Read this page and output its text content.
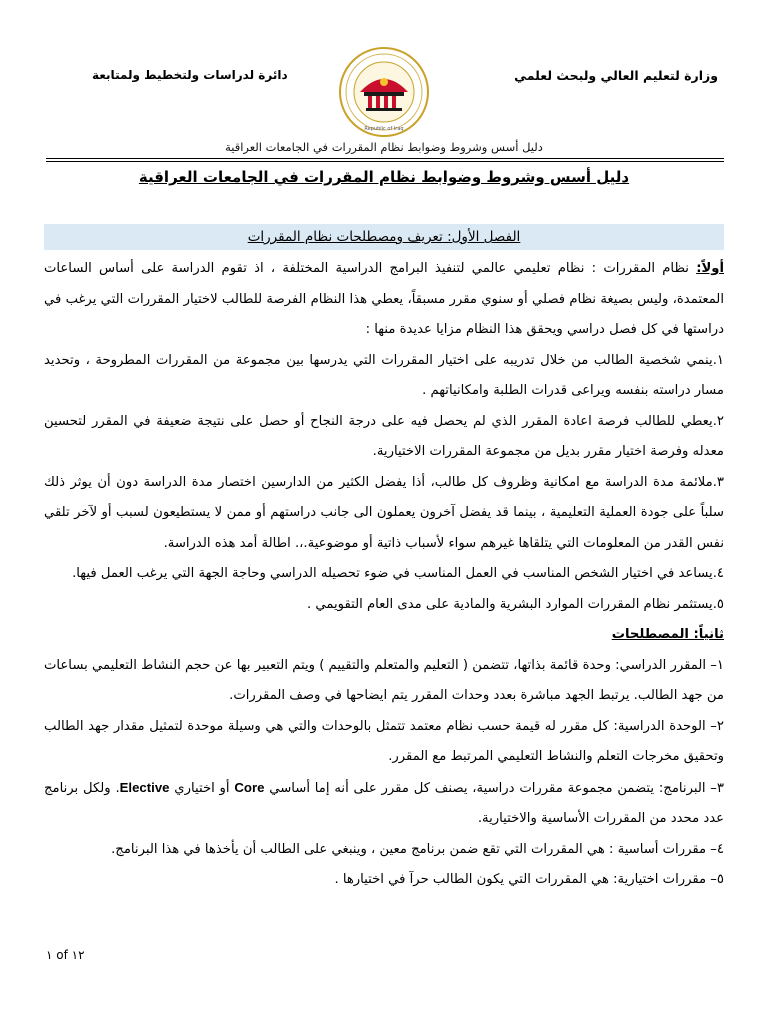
وزارة لتعليم العالي ولبحث لعلمي
دائرة لدراسات ولتخطيط ولمتابعة
Republic of Iraq
دليل أسس وشروط وضوابط نظام المقررات في الجامعات العراقية
دليل أسس وشروط وضوابط نظام المقررات في الجامعات العراقية
الفصل الأول: تعريف ومصطلحات نظام المقررات

أولاً: نظام المقررات : نظام تعليمي عالمي لتنفيذ البرامج الدراسية المختلفة ، اذ تقوم الدراسة على أساس الساعات المعتمدة، وليس بصيغة نظام فصلي أو سنوي مقرر مسبقاً، يعطي هذا النظام الفرصة للطالب لاختيار المقررات التي يرغب في دراستها في كل فصل دراسي ويحقق هذا النظام مزايا عديدة منها :

١.ينمي شخصية الطالب من خلال تدريبه على اختيار المقررات التي يدرسها بين مجموعة من المقررات المطروحة ، وتحديد مسار دراسته بنفسه ويراعى قدرات الطلبة وامكانياتهم .

٢.يعطي للطالب فرصة اعادة المقرر الذي لم يحصل فيه على درجة النجاح أو حصل على نتيجة ضعيفة في المقرر لتحسين معدله وفرصة اختيار مقرر بديل من مجموعة المقررات الاختيارية.

٣.ملائمة مدة الدراسة مع امكانية وظروف كل طالب، أذا يفضل الكثير من الدارسين اختصار مدة الدراسة دون أن يوثر ذلك سلباً على جودة العملية التعليمية ، بينما قد يفضل آخرون يعملون الى جانب دراستهم أو ممن لا يستطيعون لسبب أو لآخر تلقي نفس القدر من المعلومات التي يتلقاها غيرهم سواء لأسباب ذاتية أو موضوعية.،. اطالة أمد هذه الدراسة.

٤.يساعد في اختيار الشخص المناسب في العمل المناسب في ضوء تحصيله الدراسي وحاجة الجهة التي يرغب العمل فيها.

٥.يستثمر نظام المقررات الموارد البشرية والمادية على مدى العام التقويمي .

ثانياً: المصطلحات

١– المقرر الدراسي: وحدة قائمة بذاتها، تتضمن ( التعليم والمتعلم والتقييم ) ويتم التعبير بها عن حجم النشاط التعليمي بساعات من جهد الطالب. يرتبط الجهد مباشرة بعدد وحدات المقرر يتم ايضاحها في وصف المقررات.

٢– الوحدة الدراسية: كل مقرر له قيمة حسب نظام معتمد تتمثل بالوحدات والتي هي وسيلة موحدة لتمثيل مقدار جهد الطالب وتحقيق مخرجات التعلم والنشاط التعليمي المرتبط مع المقرر.

٣– البرنامج: يتضمن مجموعة مقررات دراسية، يصنف كل مقرر على أنه إما أساسي Core أو اختياري Elective. ولكل برنامج عدد محدد من المقررات الأساسية والاختيارية.

٤– مقررات أساسية : هي المقررات التي تقع ضمن برنامج معين ، وينبغي على الطالب أن يأخذها في هذا البرنامج.

٥– مقررات اختيارية: هي المقررات التي يكون الطالب حرآ في اختيارها .

١ of ١٢
